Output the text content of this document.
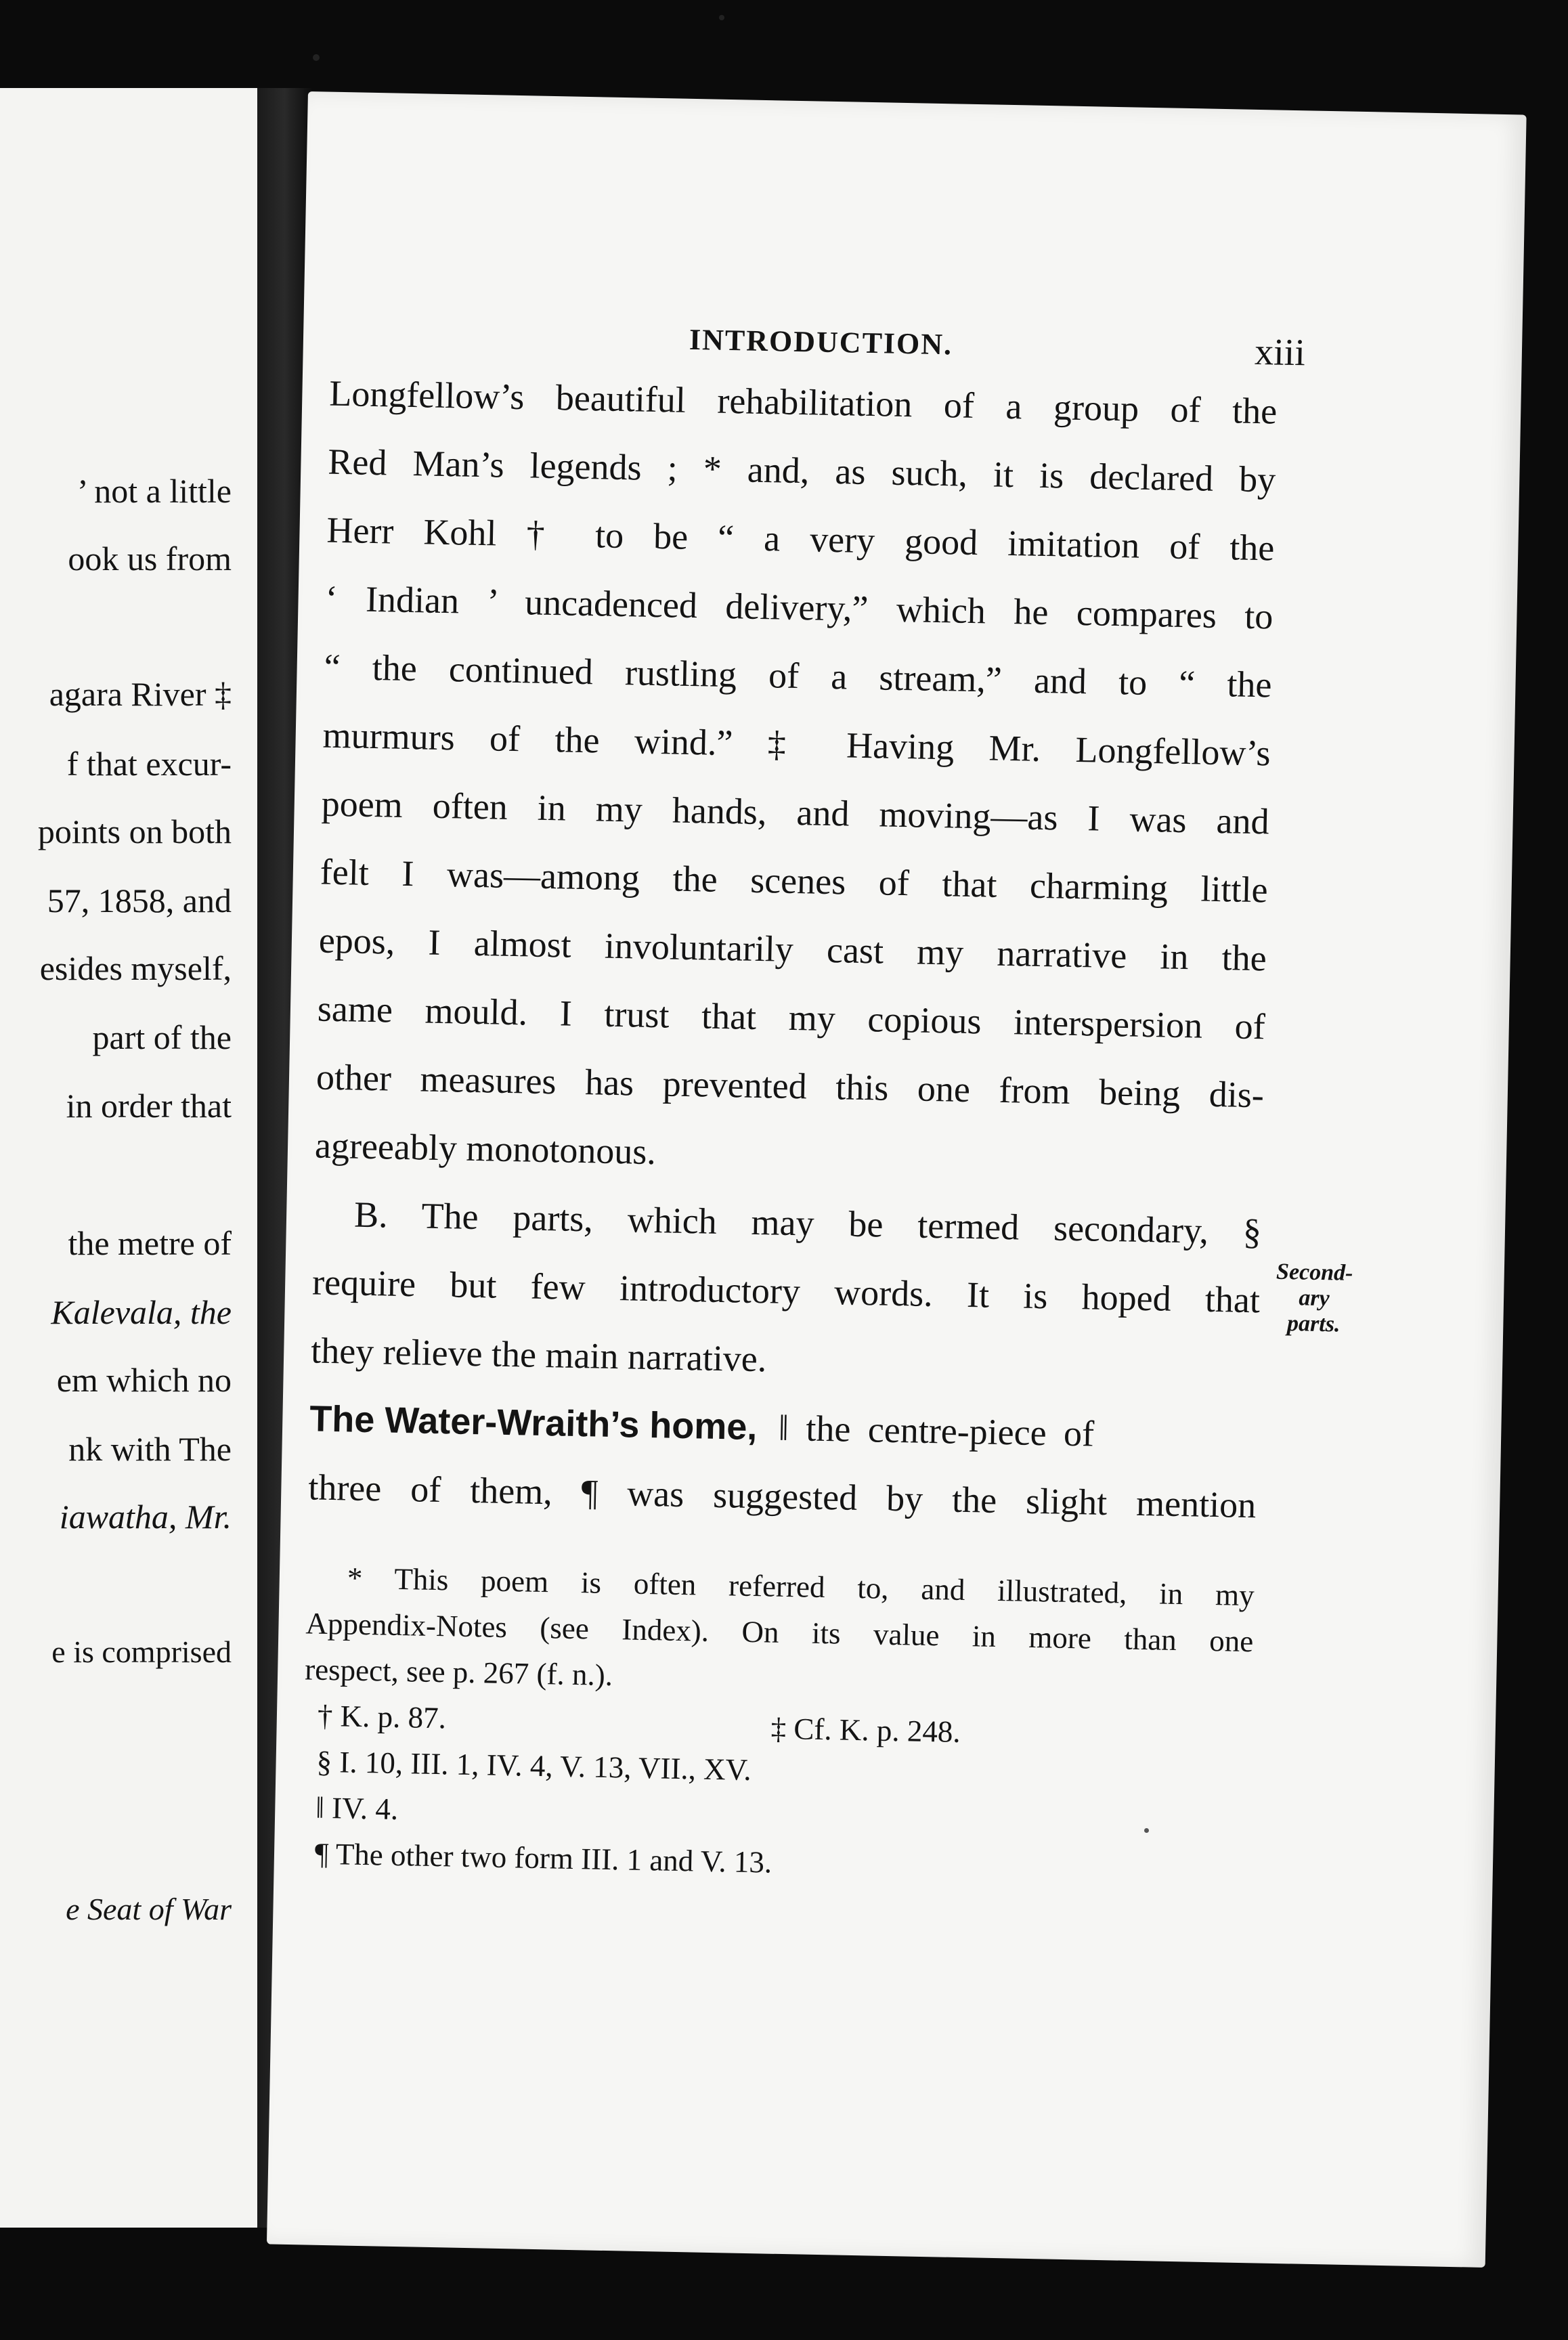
’ not a little
ook us from
agara River ‡
f that excur-
points on both
57, 1858, and
esides myself,
part of the
in order that
the metre of
Kalevala, the
em which no
nk with The
iawatha, Mr.
e is comprised
e Seat of War
INTRODUCTION.	xiii
Longfellow’s beautiful rehabilitation of a group of the
Red Man’s legends ; * and, as such, it is declared by
Herr Kohl † to be “ a very good imitation of the
‘ Indian ’ uncadenced delivery,” which he compares to
“ the continued rustling of a stream,” and to “ the
murmurs of the wind.” ‡ Having Mr. Longfellow’s
poem often in my hands, and moving—as I was and
felt I was—among the scenes of that charming little
epos, I almost involuntarily cast my narrative in the
same mould. I trust that my copious interspersion of
other measures has prevented this one from being dis-
agreeably monotonous.
B. The parts, which may be termed secondary, §
require but few introductory words. It is hoped that
they relieve the main narrative.
The Water-Wraith’s home, ‖ the centre-piece of
three of them, ¶ was suggested by the slight mention
Second-
ary
parts.
* This poem is often referred to, and illustrated, in my
Appendix-Notes (see Index). On its value in more than one
respect, see p. 267 (f. n.).
† K. p. 87.	‡ Cf. K. p. 248.
§ I. 10, III. 1, IV. 4, V. 13, VII., XV.
‖ IV. 4.
¶ The other two form III. 1 and V. 13.
